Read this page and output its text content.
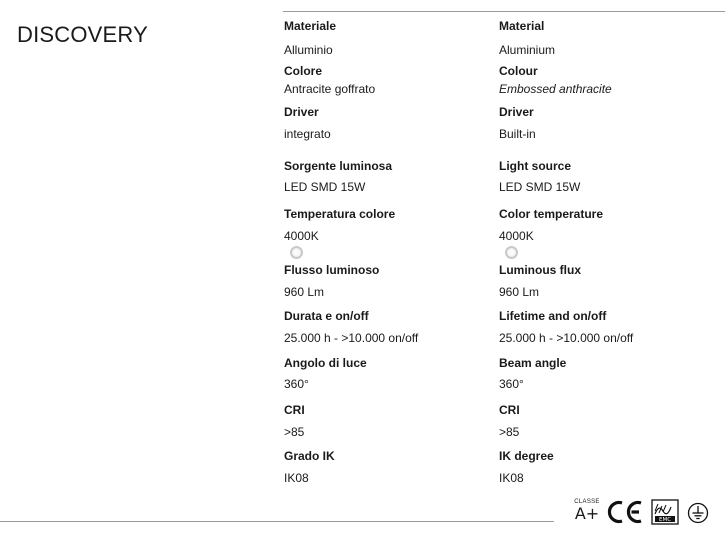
DISCOVERY	Materiale
Alluminio
Colore
Antracite goffrato
Driver
integrato
Sorgente luminosa
LED SMD 15W
Temperatura colore
4000K
Flusso luminoso
960 Lm
Durata e on/off
25.000 h - >10.000 on/off
Angolo di luce
360°
CRI
>85
Grado IK
IK08
Material
Aluminium
Colour
Embossed anthracite
Driver
Built-in
Light source
LED SMD 15W
Color temperature
4000K
Luminous flux
960 Lm
Lifetime and on/off
25.000 h - >10.000 on/off
Beam angle
360°
CRI
>85
IK degree
IK08
CLASSE
A+	EMC
